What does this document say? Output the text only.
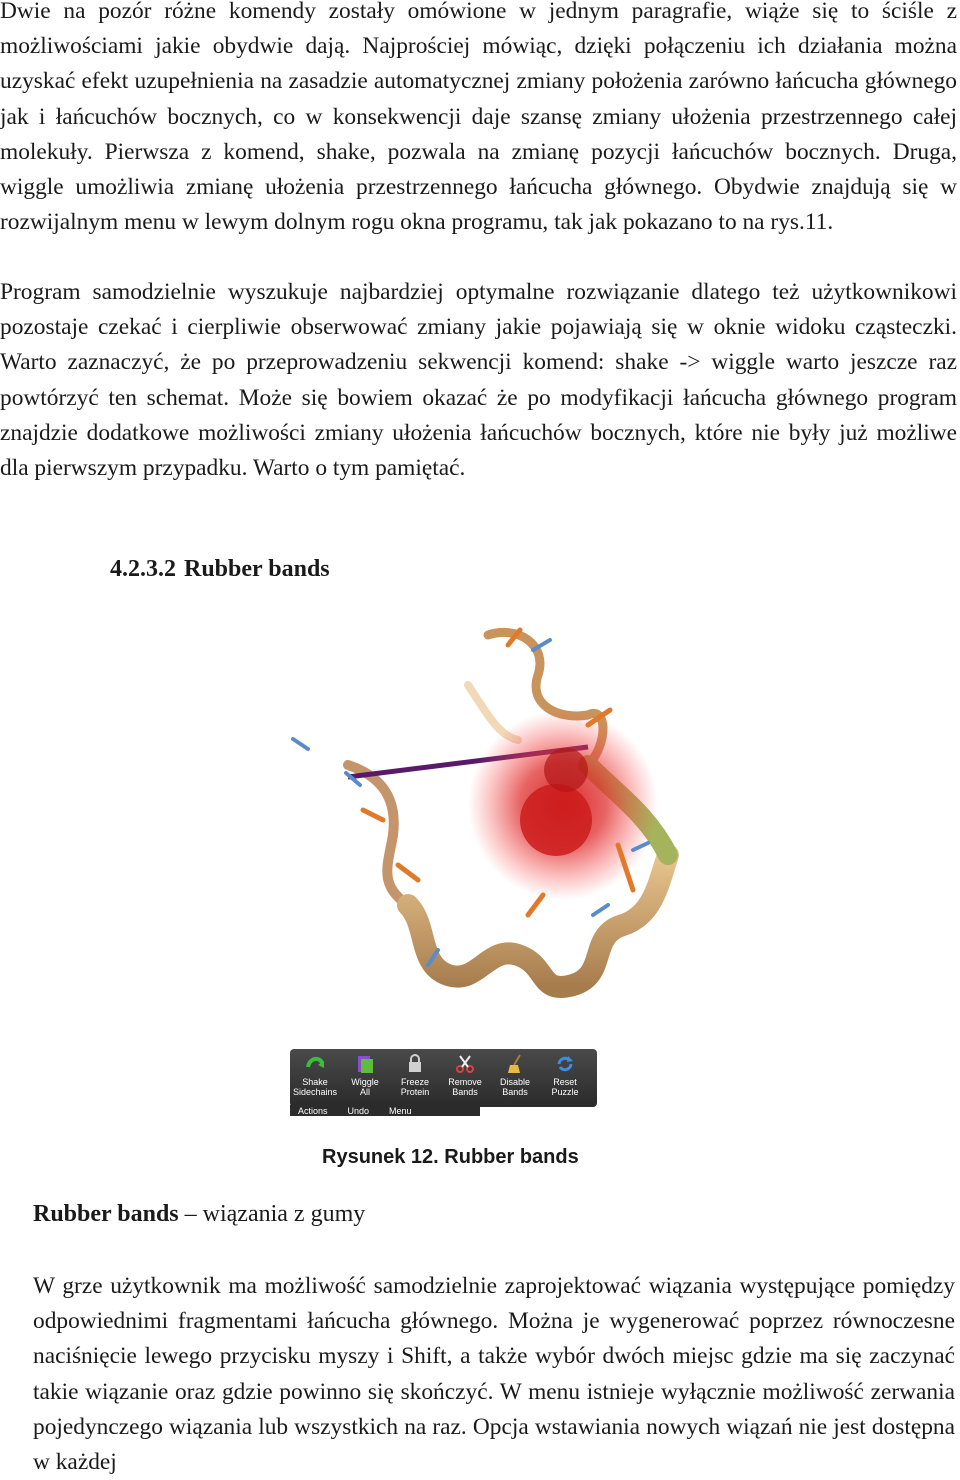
Dwie na pozór różne komendy zostały omówione w jednym paragrafie, wiąże się to ściśle z możliwościami jakie obydwie dają. Najprościej mówiąc, dzięki połączeniu ich działania można uzyskać efekt uzupełnienia na zasadzie automatycznej zmiany położenia zarówno łańcucha głównego jak i łańcuchów bocznych, co w konsekwencji daje szansę zmiany ułożenia przestrzennego całej molekuły. Pierwsza z komend, shake, pozwala na zmianę pozycji łańcuchów bocznych. Druga, wiggle umożliwia zmianę ułożenia przestrzennego łańcucha głównego. Obydwie znajdują się w rozwijalnym menu w lewym dolnym rogu okna programu, tak jak pokazano to na rys.11.

Program samodzielnie wyszukuje najbardziej optymalne rozwiązanie dlatego też użytkownikowi pozostaje czekać i cierpliwie obserwować zmiany jakie pojawiają się w oknie widoku cząsteczki. Warto zaznaczyć, że po przeprowadzeniu sekwencji komend: shake -> wiggle warto jeszcze raz powtórzyć ten schemat. Może się bowiem okazać że po modyfikacji łańcucha głównego program znajdzie dodatkowe możliwości zmiany ułożenia łańcuchów bocznych, które nie były już możliwe dla pierwszym przypadku. Warto o tym pamiętać.

4.2.3.2 Rubber bands
Shake
Sidechains
Wiggle
All
Freeze
Protein
Remove
Bands
Disable
Bands
Reset
Puzzle
Actions Undo Menu
Rysunek 12. Rubber bands
Rubber bands – wiązania z gumy

W grze użytkownik ma możliwość samodzielnie zaprojektować wiązania występujące pomiędzy odpowiednimi fragmentami łańcucha głównego. Można je wygenerować poprzez równoczesne naciśnięcie lewego przycisku myszy i Shift, a także wybór dwóch miejsc gdzie ma się zaczynać takie wiązanie oraz gdzie powinno się skończyć. W menu istnieje wyłącznie możliwość zerwania pojedynczego wiązania lub wszystkich na raz. Opcja wstawiania nowych wiązań nie jest dostępna w każdej
